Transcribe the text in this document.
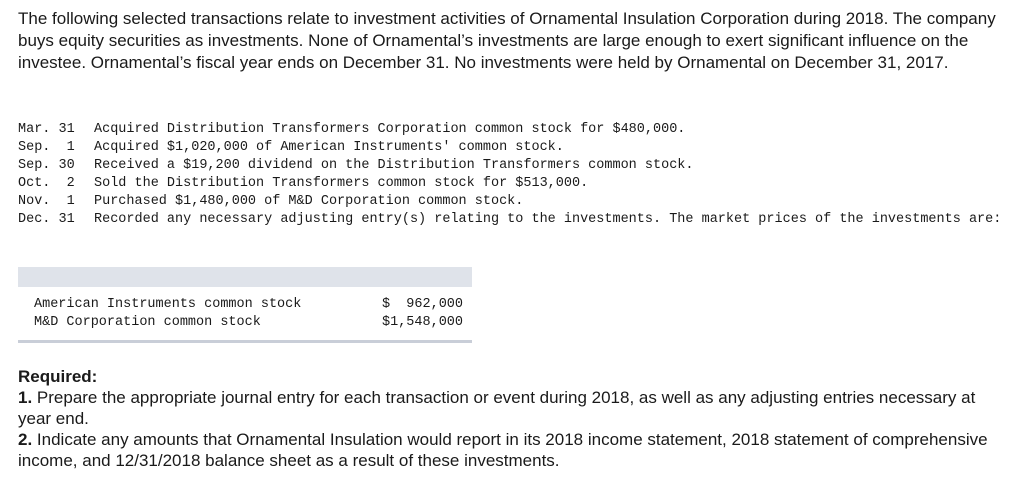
The following selected transactions relate to investment activities of Ornamental Insulation Corporation during 2018. The company buys equity securities as investments. None of Ornamental’s investments are large enough to exert significant influence on the investee. Ornamental’s fiscal year ends on December 31. No investments were held by Ornamental on December 31, 2017.

Mar. 31	Acquired Distribution Transformers Corporation common stock for $480,000.
Sep.  1	Acquired $1,020,000 of American Instruments' common stock.
Sep. 30	Received a $19,200 dividend on the Distribution Transformers common stock.
Oct.  2	Sold the Distribution Transformers common stock for $513,000.
Nov.  1	Purchased $1,480,000 of M&D Corporation common stock.
Dec. 31	Recorded any necessary adjusting entry(s) relating to the investments. The market prices of the investments are:
American Instruments common stock	$  962,000
M&D Corporation common stock	$1,548,000
Required:
1. Prepare the appropriate journal entry for each transaction or event during 2018, as well as any adjusting entries necessary at year end.
2. Indicate any amounts that Ornamental Insulation would report in its 2018 income statement, 2018 statement of comprehensive income, and 12/31/2018 balance sheet as a result of these investments.
